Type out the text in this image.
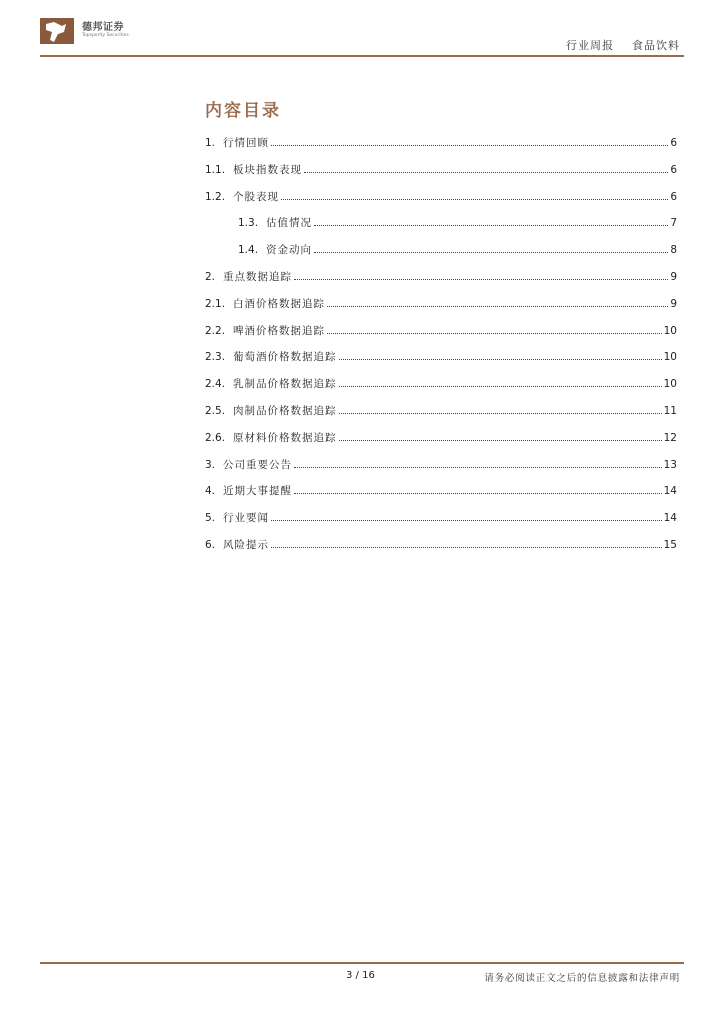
德邦证券
Topsperity Securities
行业周报 食品饮料
内容目录
1. 行情回顾	6
1.1. 板块指数表现	6
1.2. 个股表现	6
1.3. 估值情况	7
1.4. 资金动向	8
2. 重点数据追踪	9
2.1. 白酒价格数据追踪	9
2.2. 啤酒价格数据追踪	10
2.3. 葡萄酒价格数据追踪	10
2.4. 乳制品价格数据追踪	10
2.5. 肉制品价格数据追踪	11
2.6. 原材料价格数据追踪	12
3. 公司重要公告	13
4. 近期大事提醒	14
5. 行业要闻	14
6. 风险提示	15
3 / 16	请务必阅读正文之后的信息披露和法律声明
